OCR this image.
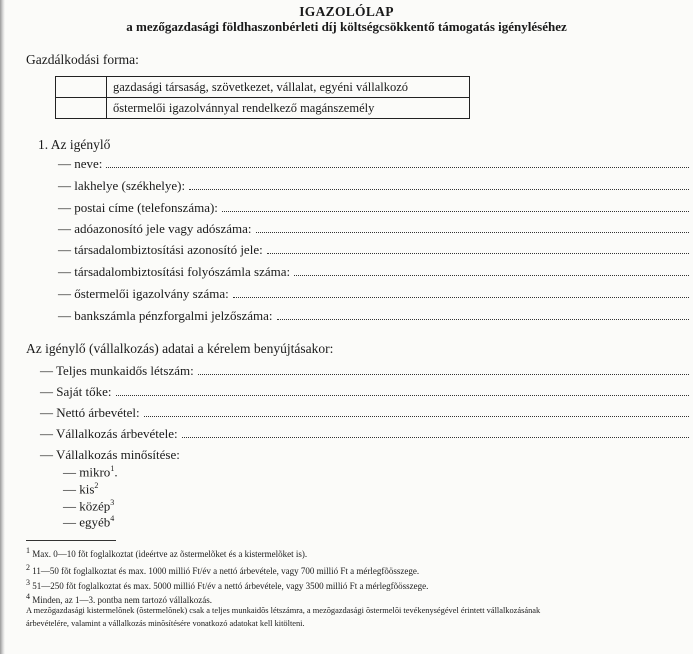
IGAZOLÓLAP
a mezőgazdasági földhaszonbérleti díj költségcsökkentő támogatás igényléséhez
Gazdálkodási forma:
	gazdasági társaság, szövetkezet, vállalat, egyéni vállalkozó
	őstermelői igazolvánnyal rendelkező magánszemély
1. Az igénylő
— neve:
— lakhelye (székhelye):
— postai címe (telefonszáma):
— adóazonosító jele vagy adószáma:
— társadalombiztosítási azonosító jele:
— társadalombiztosítási folyószámla száma:
— őstermelői igazolvány száma:
— bankszámla pénzforgalmi jelzőszáma:
Az igénylő (vállalkozás) adatai a kérelem benyújtásakor:
— Teljes munkaidős létszám:
— Saját tőke:
— Nettó árbevétel:
— Vállalkozás árbevétele:
— Vállalkozás minősítése:
— mikro$^1$.
— kis$^2$
— közép$^3$
— egyéb$^4$
1 Max. 0—10 fõt foglalkoztat (ideértve az õstermelõket és a kistermelõket is).
2 11—50 fõt foglalkoztat és max. 1000 millió Ft/év a nettó árbevétele, vagy 700 millió Ft a mérlegfõösszege.
3 51—250 fõt foglalkoztat és max. 5000 millió Ft/év a nettó árbevétele, vagy 3500 millió Ft a mérlegfõösszege.
4 Minden, az 1—3. pontba nem tartozó vállalkozás.
A mezõgazdasági kistermelõnek (õstermelõnek) csak a teljes munkaidõs létszámra, a mezõgazdasági õstermelõi tevékenységével érintett vállalkozásának
árbevételére, valamint a vállalkozás minõsítésére vonatkozó adatokat kell kitölteni.
